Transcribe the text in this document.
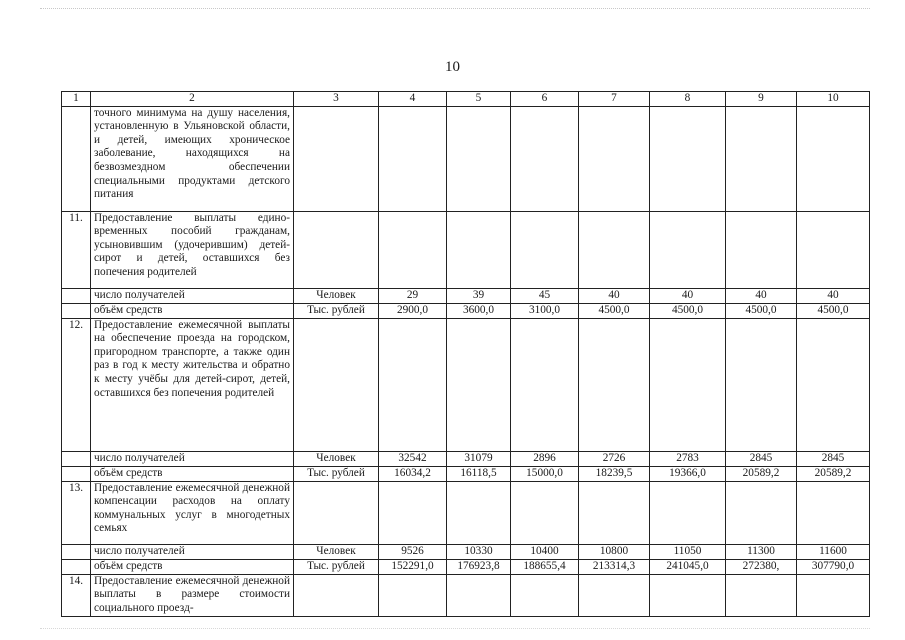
10
1	2	3	4	5	6	7	8	9	10
	точного минимума на душу населения, установленную в Ульяновской области, и детей, имеющих хроническое заболевание, находящихся на безвозмездном обеспечении специальными продуктами детского питания								
11.	Предоставление выплаты единовременных пособий гражданам, усыновившим (удочерившим) детей-сирот и детей, оставшихся без попечения родителей								
	число получателей	Человек	29	39	45	40	40	40	40
	объём средств	Тыс. рублей	2900,0	3600,0	3100,0	4500,0	4500,0	4500,0	4500,0
12.	Предоставление ежемесячной выплаты на обеспечение проезда на городском, пригородном транспорте, а также один раз в год к месту жительства и обратно к месту учёбы для детей-сирот, детей, оставшихся без попечения родителей								
	число получателей	Человек	32542	31079	2896	2726	2783	2845	2845
	объём средств	Тыс. рублей	16034,2	16118,5	15000,0	18239,5	19366,0	20589,2	20589,2
13.	Предоставление ежемесячной денежной компенсации расходов на оплату коммунальных услуг в многодетных семьях								
	число получателей	Человек	9526	10330	10400	10800	11050	11300	11600
	объём средств	Тыс. рублей	152291,0	176923,8	188655,4	213314,3	241045,0	272380,	307790,0
14.	Предоставление ежемесячной денежной выплаты в размере стоимости социального проезд-								
